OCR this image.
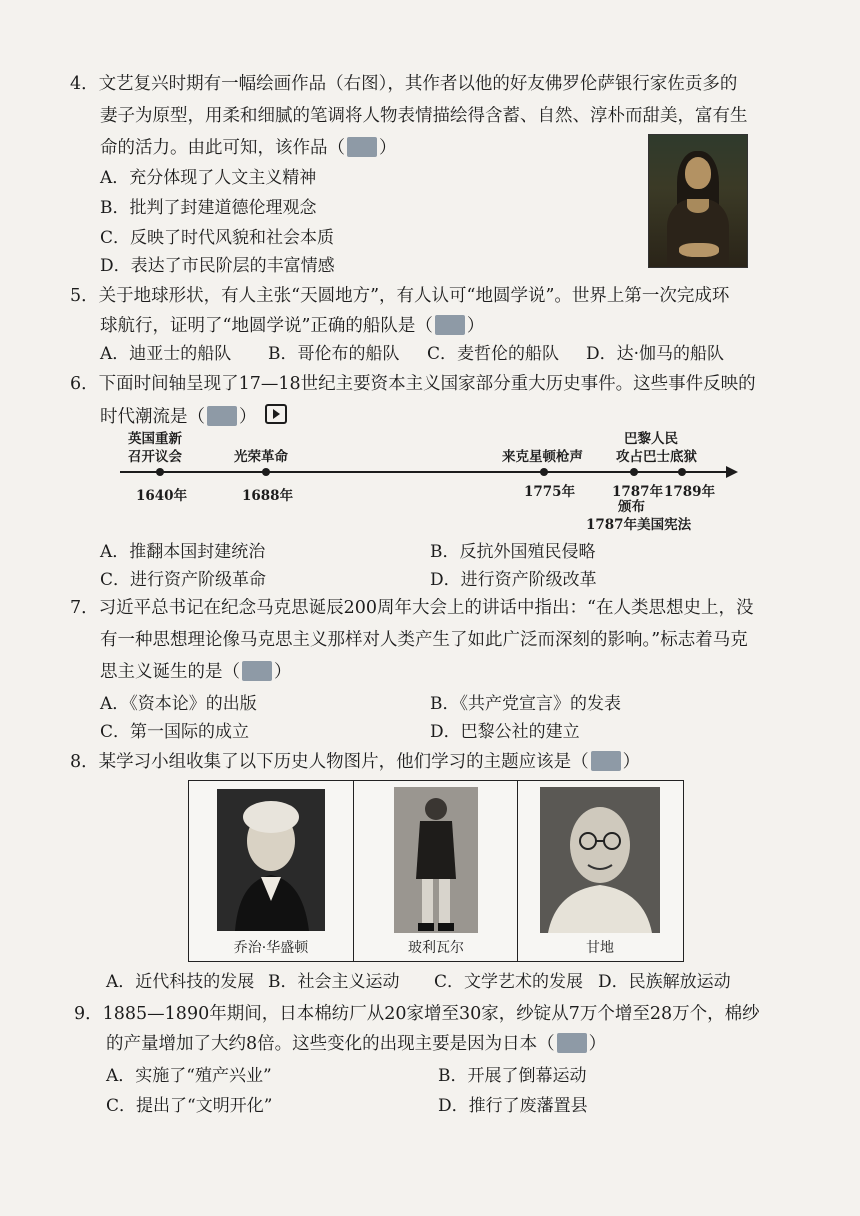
4．文艺复兴时期有一幅绘画作品（右图），其作者以他的好友佛罗伦萨银行家佐贡多的
妻子为原型，用柔和细腻的笔调将人物表情描绘得含蓄、自然、淳朴而甜美，富有生
命的活力。由此可知，该作品（ ）
A．充分体现了人文主义精神
B．批判了封建道德伦理观念
C．反映了时代风貌和社会本质
D．表达了市民阶层的丰富情感
5．关于地球形状，有人主张“天圆地方”，有人认可“地圆学说”。世界上第一次完成环
球航行，证明了“地圆学说”正确的船队是（ ）
A．迪亚士的船队 B．哥伦布的船队 C．麦哲伦的船队 D．达·伽马的船队
6．下面时间轴呈现了17—18世纪主要资本主义国家部分重大历史事件。这些事件反映的
时代潮流是（ ）
英国重新
召开议会
1640年
光荣革命
1688年
来克星顿枪声
1775年	1787年
颁布
1787年美国宪法
巴黎人民
攻占巴士底狱
1789年
A．推翻本国封建统治	B．反抗外国殖民侵略
C．进行资产阶级革命	D．进行资产阶级改革
7．习近平总书记在纪念马克思诞辰200周年大会上的讲话中指出：“在人类思想史上，没
有一种思想理论像马克思主义那样对人类产生了如此广泛而深刻的影响。”标志着马克
思主义诞生的是（ ）
A．《资本论》的出版	B．《共产党宣言》的发表
C．第一国际的成立	D．巴黎公社的建立
8．某学习小组收集了以下历史人物图片，他们学习的主题应该是（ ）
乔治·华盛顿	玻利瓦尔	甘地
A．近代科技的发展 B．社会主义运动 C．文学艺术的发展 D．民族解放运动
9．1885—1890年期间，日本棉纺厂从20家增至30家，纱锭从7万个增至28万个，棉纱
的产量增加了大约8倍。这些变化的出现主要是因为日本（ ）
A．实施了“殖产兴业”	B．开展了倒幕运动
C．提出了“文明开化”	D．推行了废藩置县
